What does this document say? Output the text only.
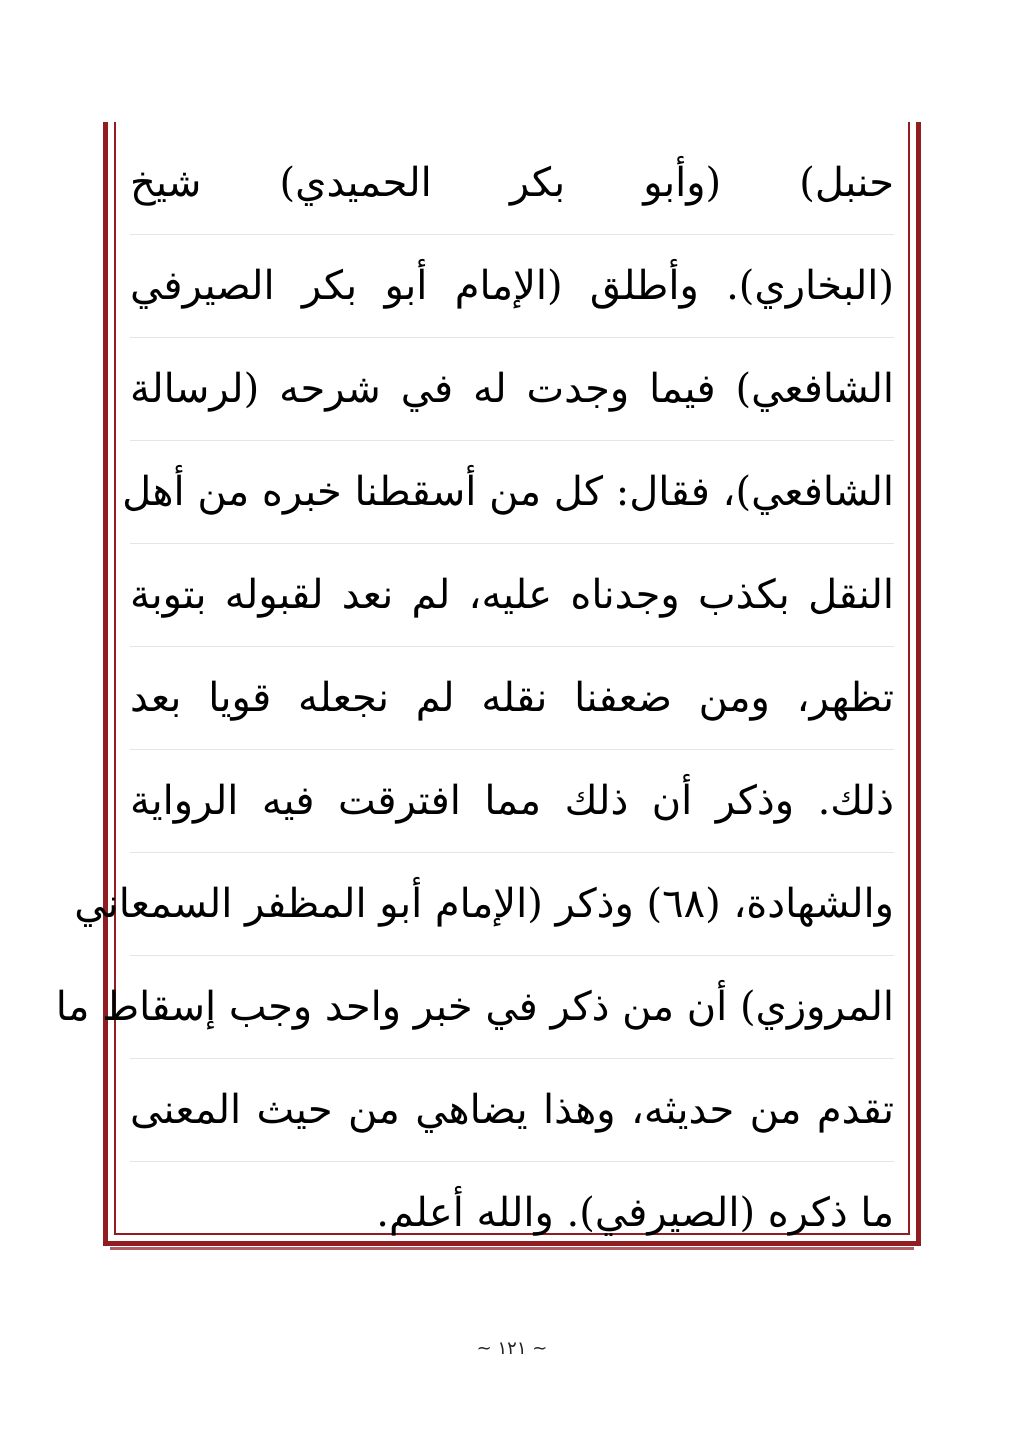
حنبل) (وأبو بكر الحميدي) شيخ
(البخاري). وأطلق (الإمام أبو بكر الصيرفي
الشافعي) فيما وجدت له في شرحه (لرسالة
الشافعي)، فقال: كل من أسقطنا خبره من أهل
النقل بكذب وجدناه عليه، لم نعد لقبوله بتوبة
تظهر، ومن ضعفنا نقله لم نجعله قويا بعد
ذلك. وذكر أن ذلك مما افترقت فيه الرواية
والشهادة، (٦٨) وذكر (الإمام أبو المظفر السمعاني
المروزي) أن من ذكر في خبر واحد وجب إسقاط ما
تقدم من حديثه، وهذا يضاهي من حيث المعنى
ما ذكره (الصيرفي). والله أعلم.
~ ١٢١ ~
